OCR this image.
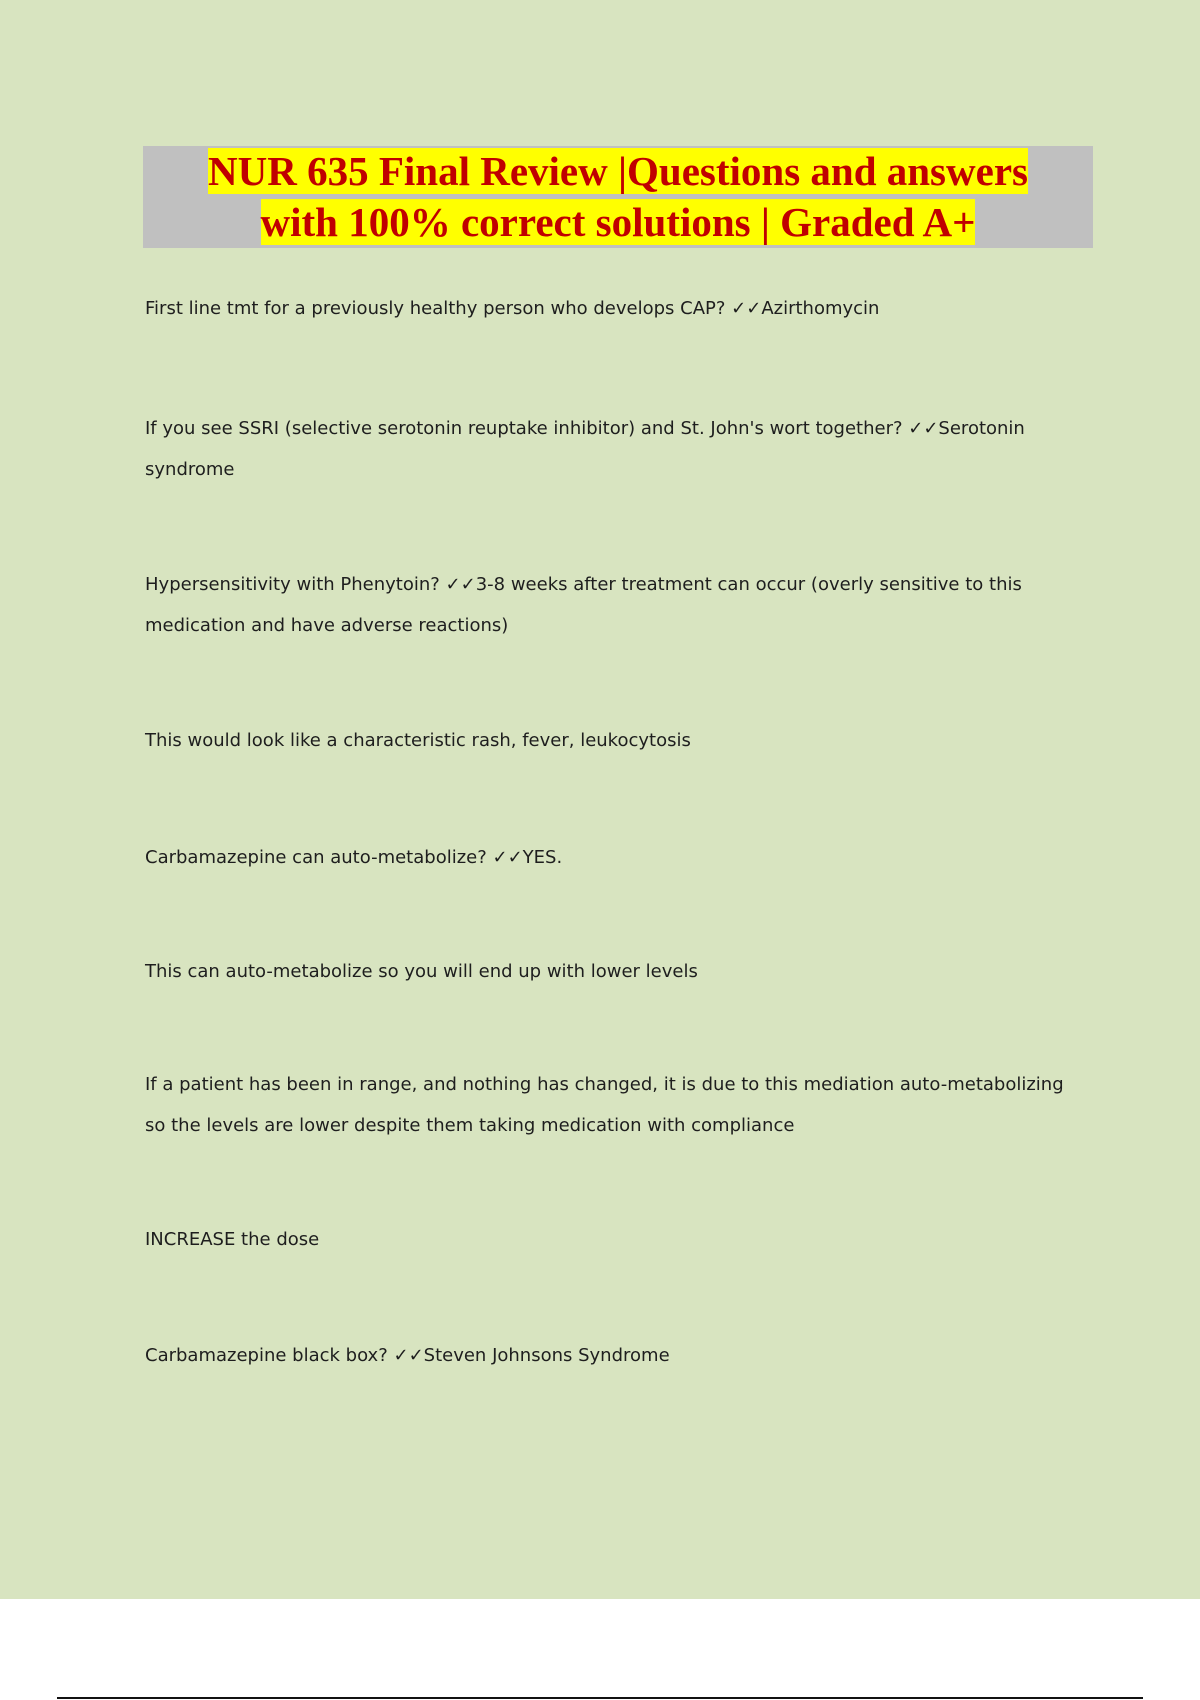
NUR 635 Final Review |Questions and answers
with 100% correct solutions | Graded A+
First line tmt for a previously healthy person who develops CAP? ✓✓Azirthomycin
If you see SSRI (selective serotonin reuptake inhibitor) and St. John's wort together? ✓✓Serotonin syndrome
Hypersensitivity with Phenytoin? ✓✓3-8 weeks after treatment can occur (overly sensitive to this medication and have adverse reactions)
This would look like a characteristic rash, fever, leukocytosis
Carbamazepine can auto-metabolize? ✓✓YES.
This can auto-metabolize so you will end up with lower levels
If a patient has been in range, and nothing has changed, it is due to this mediation auto-metabolizing so the levels are lower despite them taking medication with compliance
INCREASE the dose
Carbamazepine black box? ✓✓Steven Johnsons Syndrome
